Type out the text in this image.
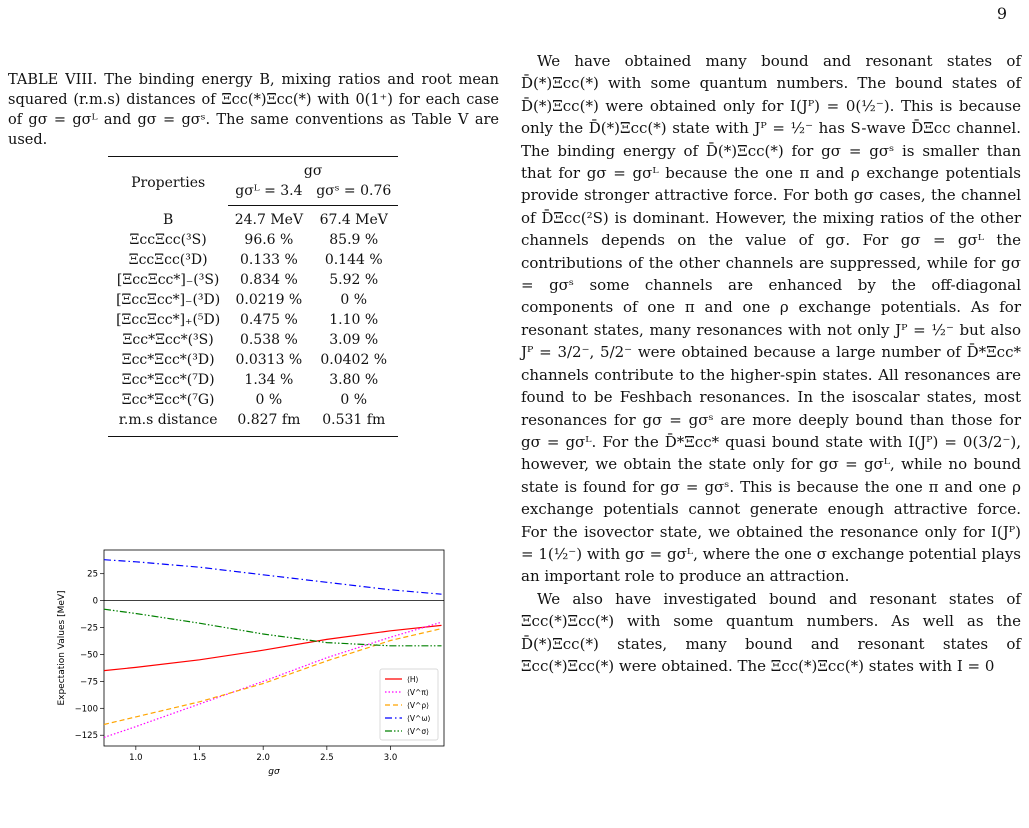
9
TABLE VIII. The binding energy B, mixing ratios and root mean squared (r.m.s) distances of Ξcc(*)Ξcc(*) with 0(1⁺) for each case of gσ = gσᴸ and gσ = gσˢ. The same conventions as Table V are used.
Properties	gσ	
	gσᴸ = 3.4	gσˢ = 0.76
B	24.7 MeV	67.4 MeV
ΞccΞcc(³S)	96.6 %	85.9 %
ΞccΞcc(³D)	0.133 %	0.144 %
[ΞccΞcc*]₋(³S)	0.834 %	5.92 %
[ΞccΞcc*]₋(³D)	0.0219 %	0 %
[ΞccΞcc*]₊(⁵D)	0.475 %	1.10 %
Ξcc*Ξcc*(³S)	0.538 %	3.09 %
Ξcc*Ξcc*(³D)	0.0313 %	0.0402 %
Ξcc*Ξcc*(⁷D)	1.34 %	3.80 %
Ξcc*Ξcc*(⁷G)	0 %	0 %
r.m.s distance	0.827 fm	0.531 fm
1.0	1.5	2.0	2.5	3.0
−125
−100
−75
−50
−25
0
25
gσ
Expectation Values [MeV]	⟨H⟩
⟨V^π⟩
⟨V^ρ⟩
⟨V^ω⟩
⟨V^σ⟩

We have obtained many bound and resonant states of D̄(*)Ξcc(*) with some quantum numbers. The bound states of D̄(*)Ξcc(*) were obtained only for I(Jᴾ) = 0(½⁻). This is because only the D̄(*)Ξcc(*) state with Jᴾ = ½⁻ has S-wave D̄Ξcc channel. The binding energy of D̄(*)Ξcc(*) for gσ = gσˢ is smaller than that for gσ = gσᴸ because the one π and ρ exchange potentials provide stronger attractive force. For both gσ cases, the channel of D̄Ξcc(²S) is dominant. However, the mixing ratios of the other channels depends on the value of gσ. For gσ = gσᴸ the contributions of the other channels are suppressed, while for gσ = gσˢ some channels are enhanced by the off-diagonal components of one π and one ρ exchange potentials. As for resonant states, many resonances with not only Jᴾ = ½⁻ but also Jᴾ = 3/2⁻, 5/2⁻ were obtained because a large number of D̄*Ξcc* channels contribute to the higher-spin states. All resonances are found to be Feshbach resonances. In the isoscalar states, most resonances for gσ = gσˢ are more deeply bound than those for gσ = gσᴸ. For the D̄*Ξcc* quasi bound state with I(Jᴾ) = 0(3/2⁻), however, we obtain the state only for gσ = gσᴸ, while no bound state is found for gσ = gσˢ. This is because the one π and one ρ exchange potentials cannot generate enough attractive force. For the isovector state, we obtained the resonance only for I(Jᴾ) = 1(½⁻) with gσ = gσᴸ, where the one σ exchange potential plays an important role to produce an attraction.

We also have investigated bound and resonant states of Ξcc(*)Ξcc(*) with some quantum numbers. As well as the D̄(*)Ξcc(*) states, many bound and resonant states of Ξcc(*)Ξcc(*) were obtained. The Ξcc(*)Ξcc(*) states with I = 0
